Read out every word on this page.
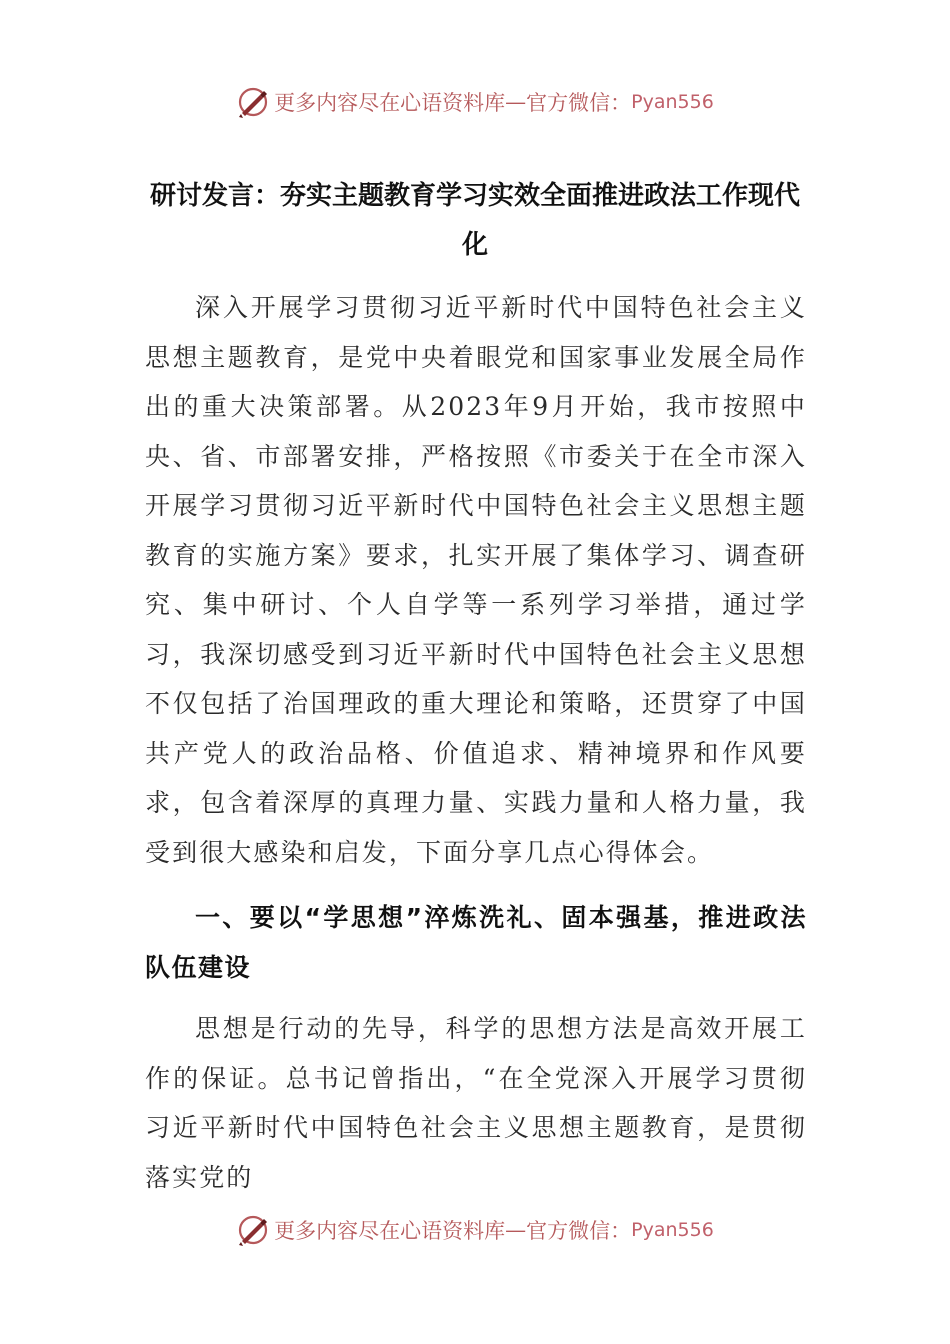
更多内容尽在心语资料库 — 官方微信： Pyan556
研讨发言：夯实主题教育学习实效全面推进政法工作现代化
深入开展学习贯彻习近平新时代中国特色社会主义思想主题教育，是党中央着眼党和国家事业发展全局作出的重大决策部署。从2023年9月开始，我市按照中央、省、市部署安排，严格按照《市委关于在全市深入开展学习贯彻习近平新时代中国特色社会主义思想主题教育的实施方案》要求，扎实开展了集体学习、调查研究、集中研讨、个人自学等一系列学习举措，通过学习，我深切感受到习近平新时代中国特色社会主义思想不仅包括了治国理政的重大理论和策略，还贯穿了中国共产党人的政治品格、价值追求、精神境界和作风要求，包含着深厚的真理力量、实践力量和人格力量，我受到很大感染和启发，下面分享几点心得体会。
一、要以“学思想”淬炼洗礼、固本强基，推进政法队伍建设
思想是行动的先导，科学的思想方法是高效开展工作的保证。总书记曾指出，“在全党深入开展学习贯彻习近平新时代中国特色社会主义思想主题教育，是贯彻落实党的
更多内容尽在心语资料库 — 官方微信： Pyan556
